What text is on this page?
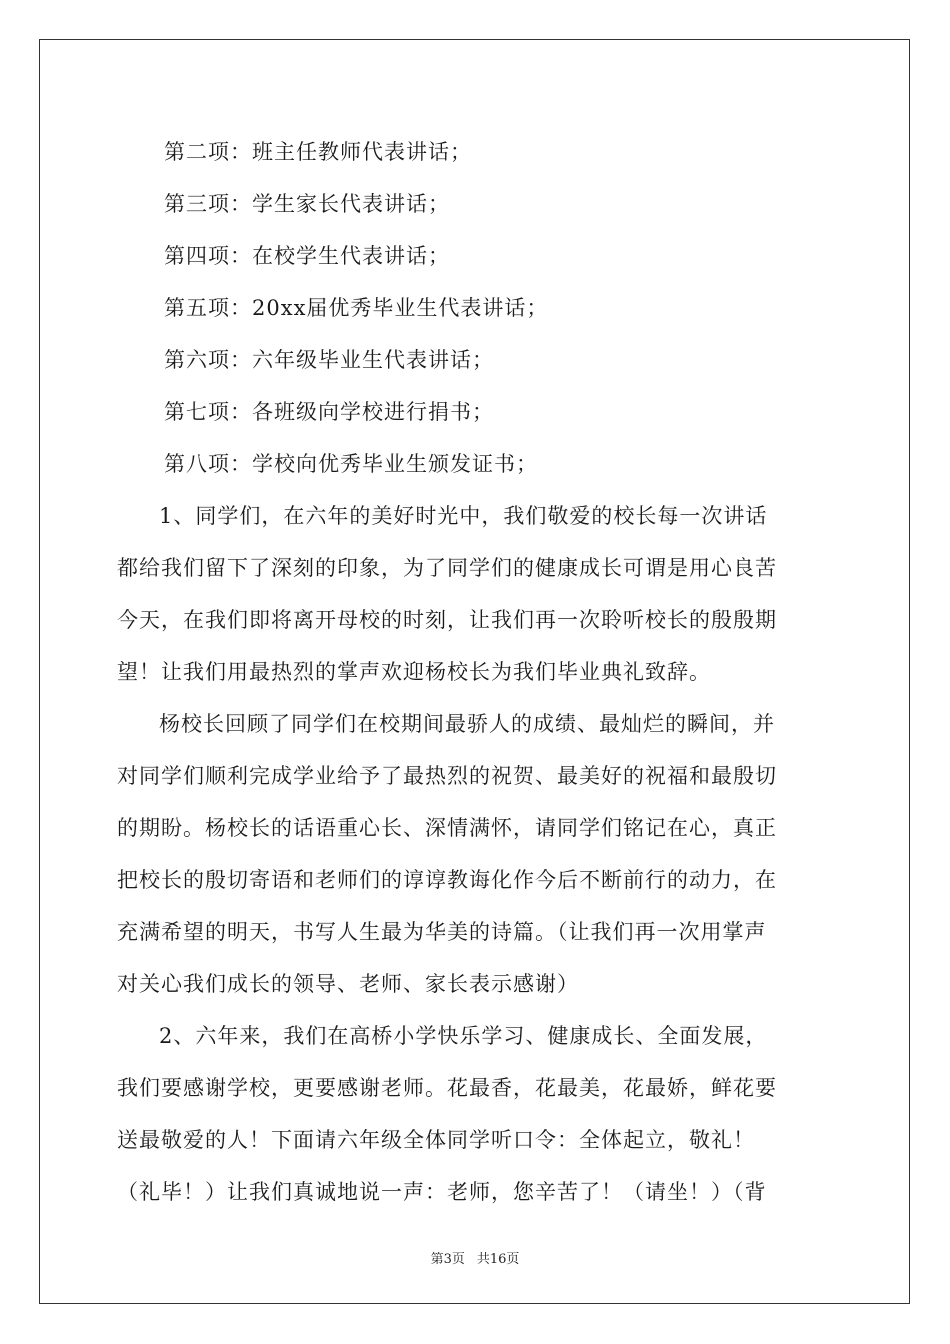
第二项：班主任教师代表讲话；
第三项：学生家长代表讲话；
第四项：在校学生代表讲话；
第五项：20xx届优秀毕业生代表讲话；
第六项：六年级毕业生代表讲话；
第七项：各班级向学校进行捐书；
第八项：学校向优秀毕业生颁发证书；
1、同学们，在六年的美好时光中，我们敬爱的校长每一次讲话
都给我们留下了深刻的印象，为了同学们的健康成长可谓是用心良苦
今天，在我们即将离开母校的时刻，让我们再一次聆听校长的殷殷期
望！让我们用最热烈的掌声欢迎杨校长为我们毕业典礼致辞。
杨校长回顾了同学们在校期间最骄人的成绩、最灿烂的瞬间，并
对同学们顺利完成学业给予了最热烈的祝贺、最美好的祝福和最殷切
的期盼。杨校长的话语重心长、深情满怀，请同学们铭记在心，真正
把校长的殷切寄语和老师们的谆谆教诲化作今后不断前行的动力，在
充满希望的明天，书写人生最为华美的诗篇。（让我们再一次用掌声
对关心我们成长的领导、老师、家长表示感谢）
2、六年来，我们在高桥小学快乐学习、健康成长、全面发展，
我们要感谢学校，更要感谢老师。花最香，花最美，花最娇，鲜花要
送最敬爱的人！下面请六年级全体同学听口令：全体起立，敬礼！
（礼毕！）让我们真诚地说一声：老师，您辛苦了！（请坐！）（背
第3页 共16页
